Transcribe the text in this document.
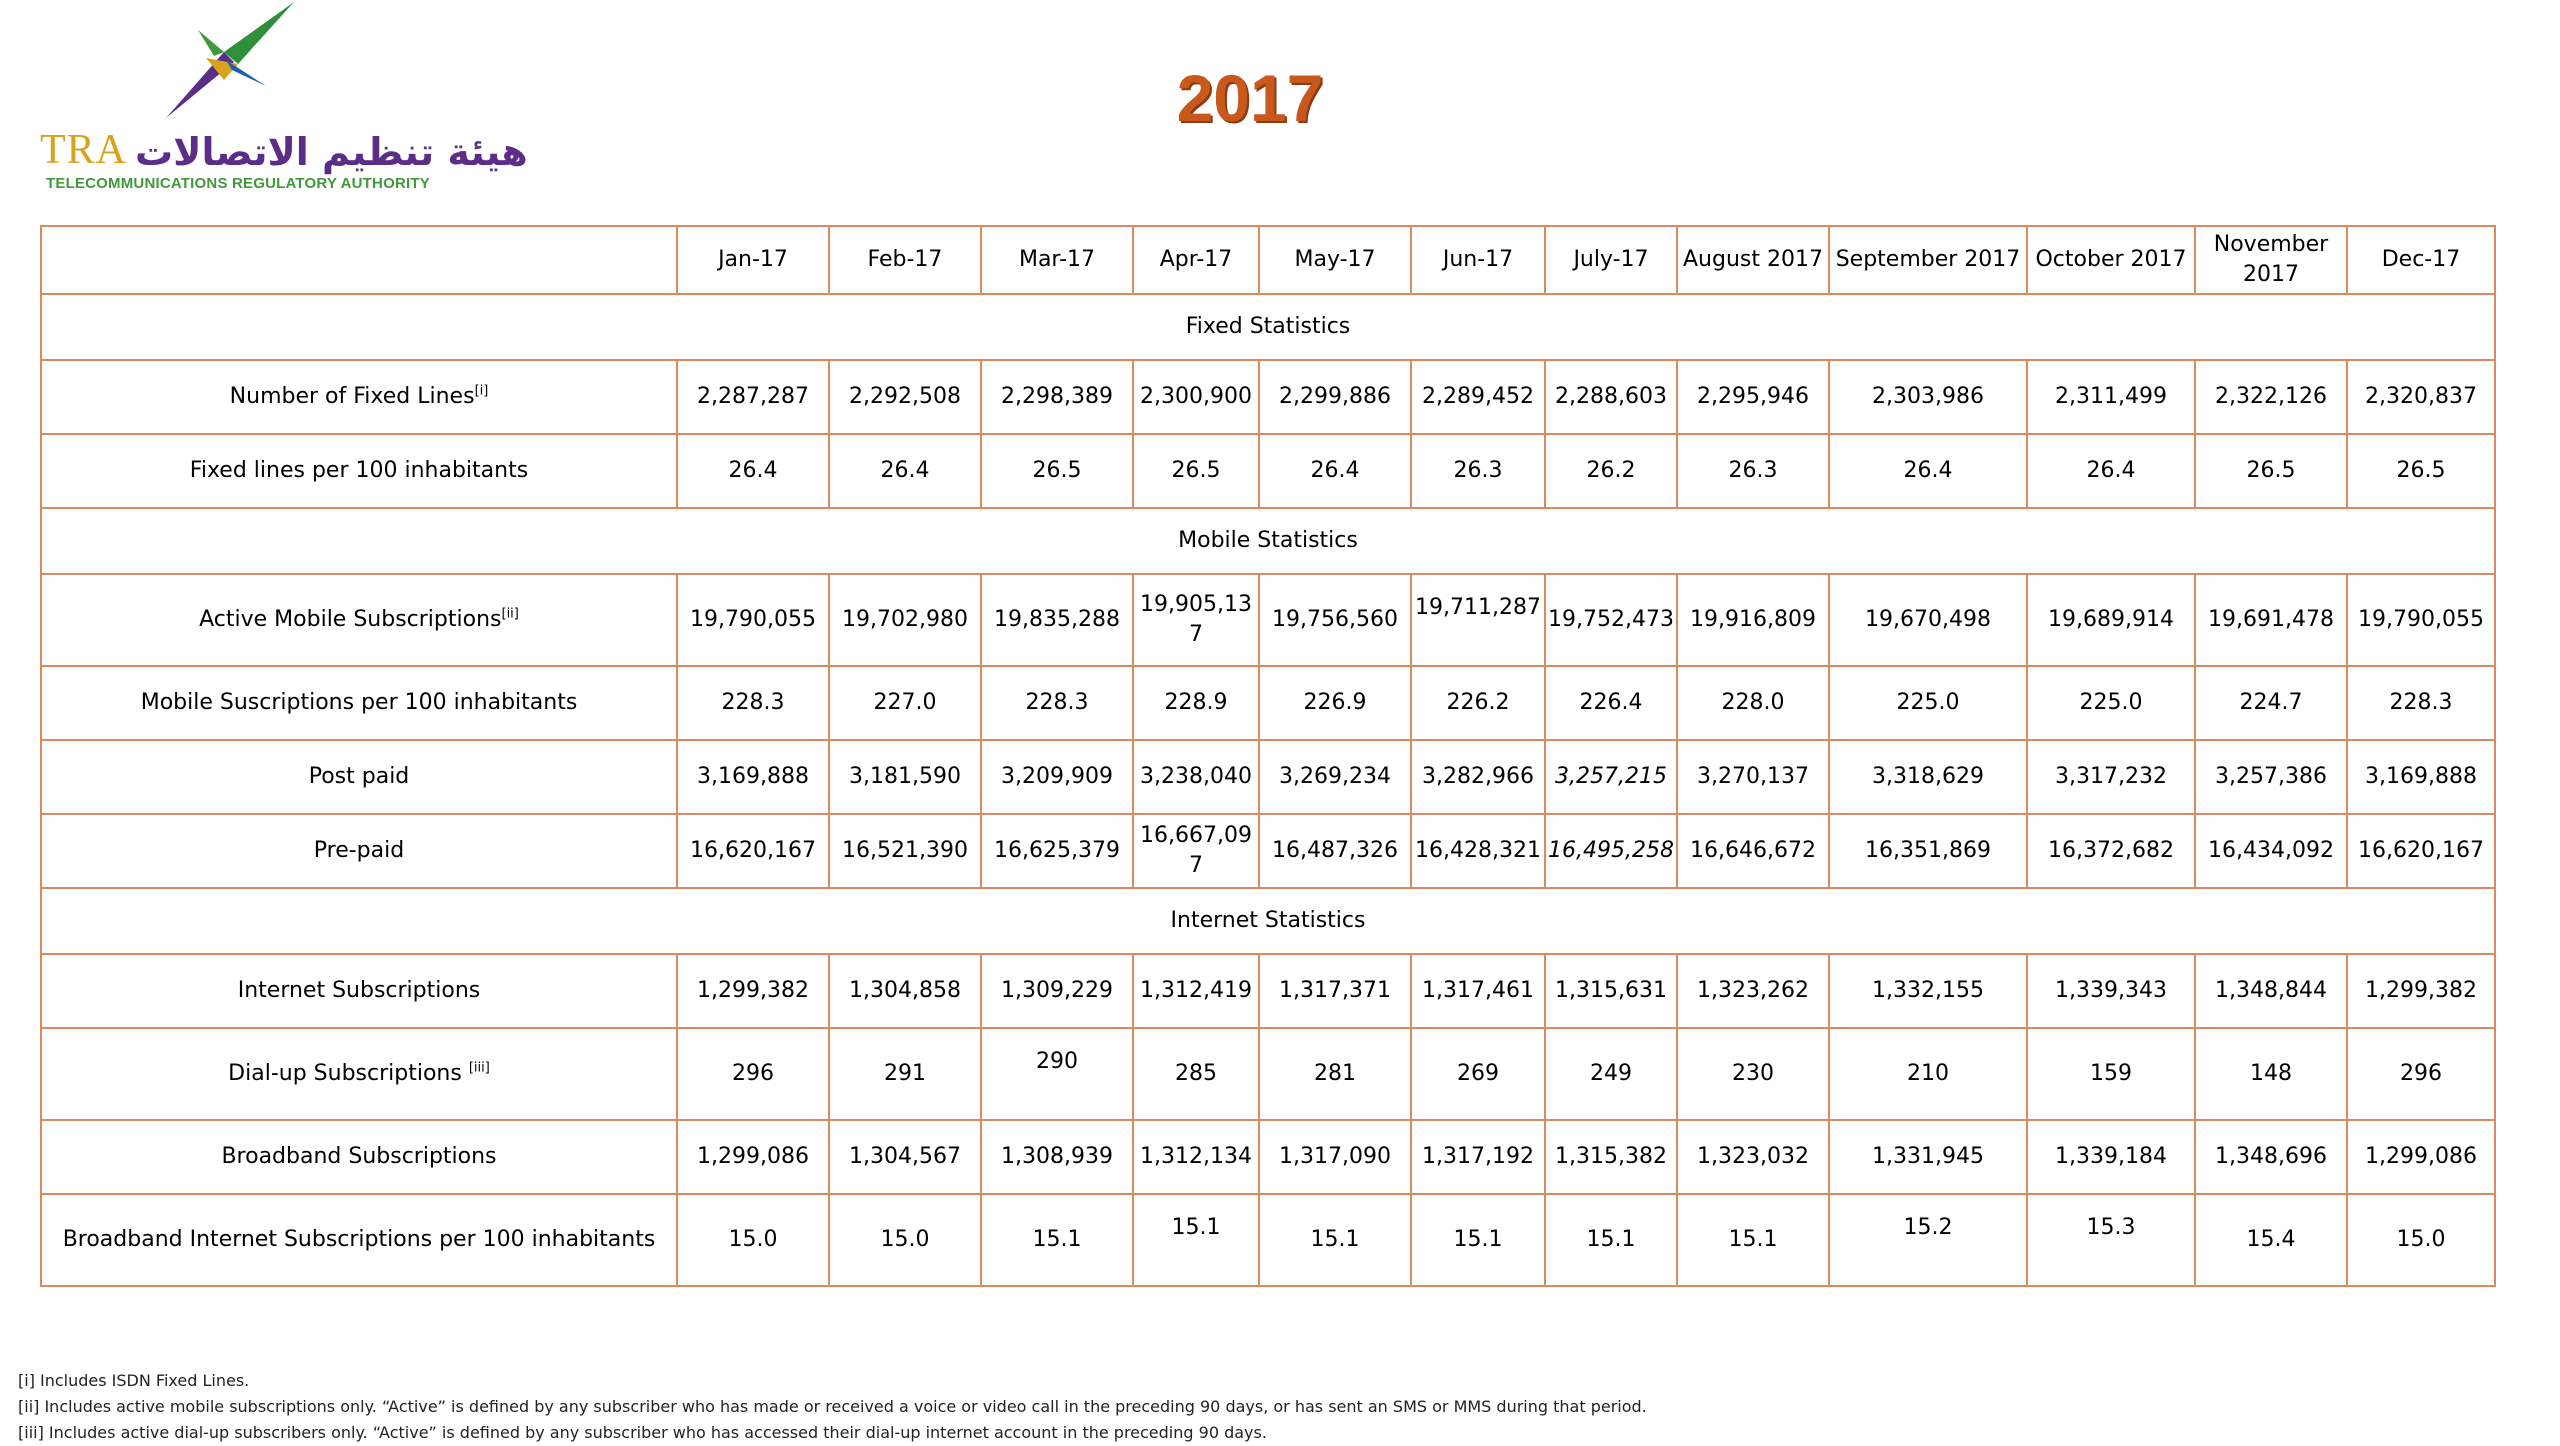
TRA هيئة تنظيم الاتصالات
TELECOMMUNICATIONS REGULATORY AUTHORITY
2017
	Jan-17	Feb-17	Mar-17	Apr-17	May-17	Jun-17	July-17	August 2017	September 2017	October 2017	November 2017	Dec-17
Fixed Statistics												
Number of Fixed Lines[i]	2,287,287	2,292,508	2,298,389	2,300,900	2,299,886	2,289,452	2,288,603	2,295,946	2,303,986	2,311,499	2,322,126	2,320,837
Fixed lines per 100 inhabitants	26.4	26.4	26.5	26.5	26.4	26.3	26.2	26.3	26.4	26.4	26.5	26.5
Mobile Statistics												
Active Mobile Subscriptions[ii]	19,790,055	19,702,980	19,835,288	19,905,137	19,756,560	19,711,287	19,752,473	19,916,809	19,670,498	19,689,914	19,691,478	19,790,055
Mobile Suscriptions per 100 inhabitants	228.3	227.0	228.3	228.9	226.9	226.2	226.4	228.0	225.0	225.0	224.7	228.3
Post paid	3,169,888	3,181,590	3,209,909	3,238,040	3,269,234	3,282,966	3,257,215	3,270,137	3,318,629	3,317,232	3,257,386	3,169,888
Pre-paid	16,620,167	16,521,390	16,625,379	16,667,097	16,487,326	16,428,321	16,495,258	16,646,672	16,351,869	16,372,682	16,434,092	16,620,167
Internet Statistics												
Internet Subscriptions	1,299,382	1,304,858	1,309,229	1,312,419	1,317,371	1,317,461	1,315,631	1,323,262	1,332,155	1,339,343	1,348,844	1,299,382
Dial-up Subscriptions [iii]	296	291	290	285	281	269	249	230	210	159	148	296
Broadband Subscriptions	1,299,086	1,304,567	1,308,939	1,312,134	1,317,090	1,317,192	1,315,382	1,323,032	1,331,945	1,339,184	1,348,696	1,299,086
Broadband Internet Subscriptions per 100 inhabitants	15.0	15.0	15.1	15.1	15.1	15.1	15.1	15.1	15.2	15.3	15.4	15.0
[i] Includes ISDN Fixed Lines.
[ii] Includes active mobile subscriptions only. “Active” is defined by any subscriber who has made or received a voice or video call in the preceding 90 days, or has sent an SMS or MMS during that period.
[iii] Includes active dial-up subscribers only. “Active” is defined by any subscriber who has accessed their dial-up internet account in the preceding 90 days.
